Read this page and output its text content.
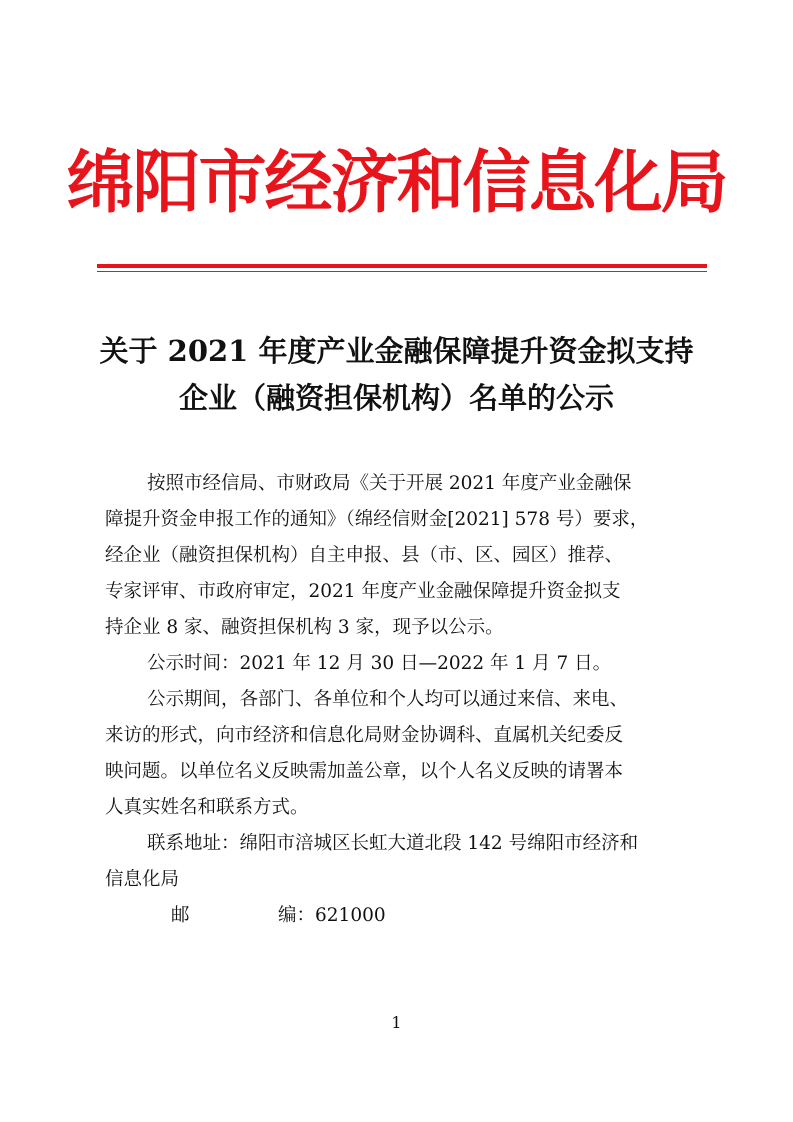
绵阳市经济和信息化局
关于 2021 年度产业金融保障提升资金拟支持
企业（融资担保机构）名单的公示

按照市经信局、市财政局《关于开展 2021 年度产业金融保

障提升资金申报工作的通知》（绵经信财金[2021] 578 号）要求，

经企业（融资担保机构）自主申报、县（市、区、园区）推荐、

专家评审、市政府审定，2021 年度产业金融保障提升资金拟支

持企业 8 家、融资担保机构 3 家，现予以公示。

公示时间：2021 年 12 月 30 日—2022 年 1 月 7 日。

公示期间，各部门、各单位和个人均可以通过来信、来电、

来访的形式，向市经济和信息化局财金协调科、直属机关纪委反

映问题。以单位名义反映需加盖公章，以个人名义反映的请署本

人真实姓名和联系方式。

联系地址：绵阳市涪城区长虹大道北段 142 号绵阳市经济和

信息化局

邮	编：621000

1
